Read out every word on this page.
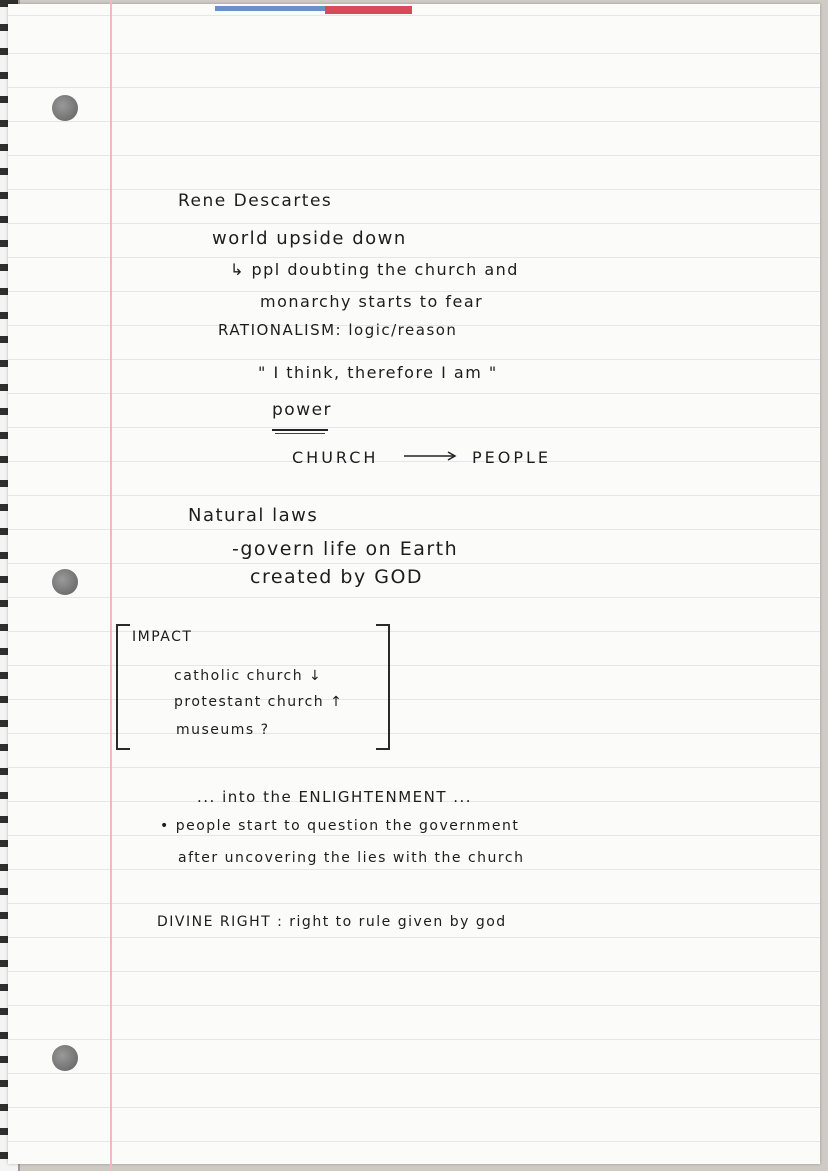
Rene Descartes
world upside down
↳ ppl doubting the church and
monarchy starts to fear
RATIONALISM: logic/reason
" I think, therefore I am "
power
CHURCH	PEOPLE
Natural laws
-govern life on Earth
created by GOD
IMPACT
catholic church ↓
protestant church ↑
museums ?
... into the ENLIGHTENMENT ...
• people start to question the government
after uncovering the lies with the church
DIVINE RIGHT : right to rule given by god
